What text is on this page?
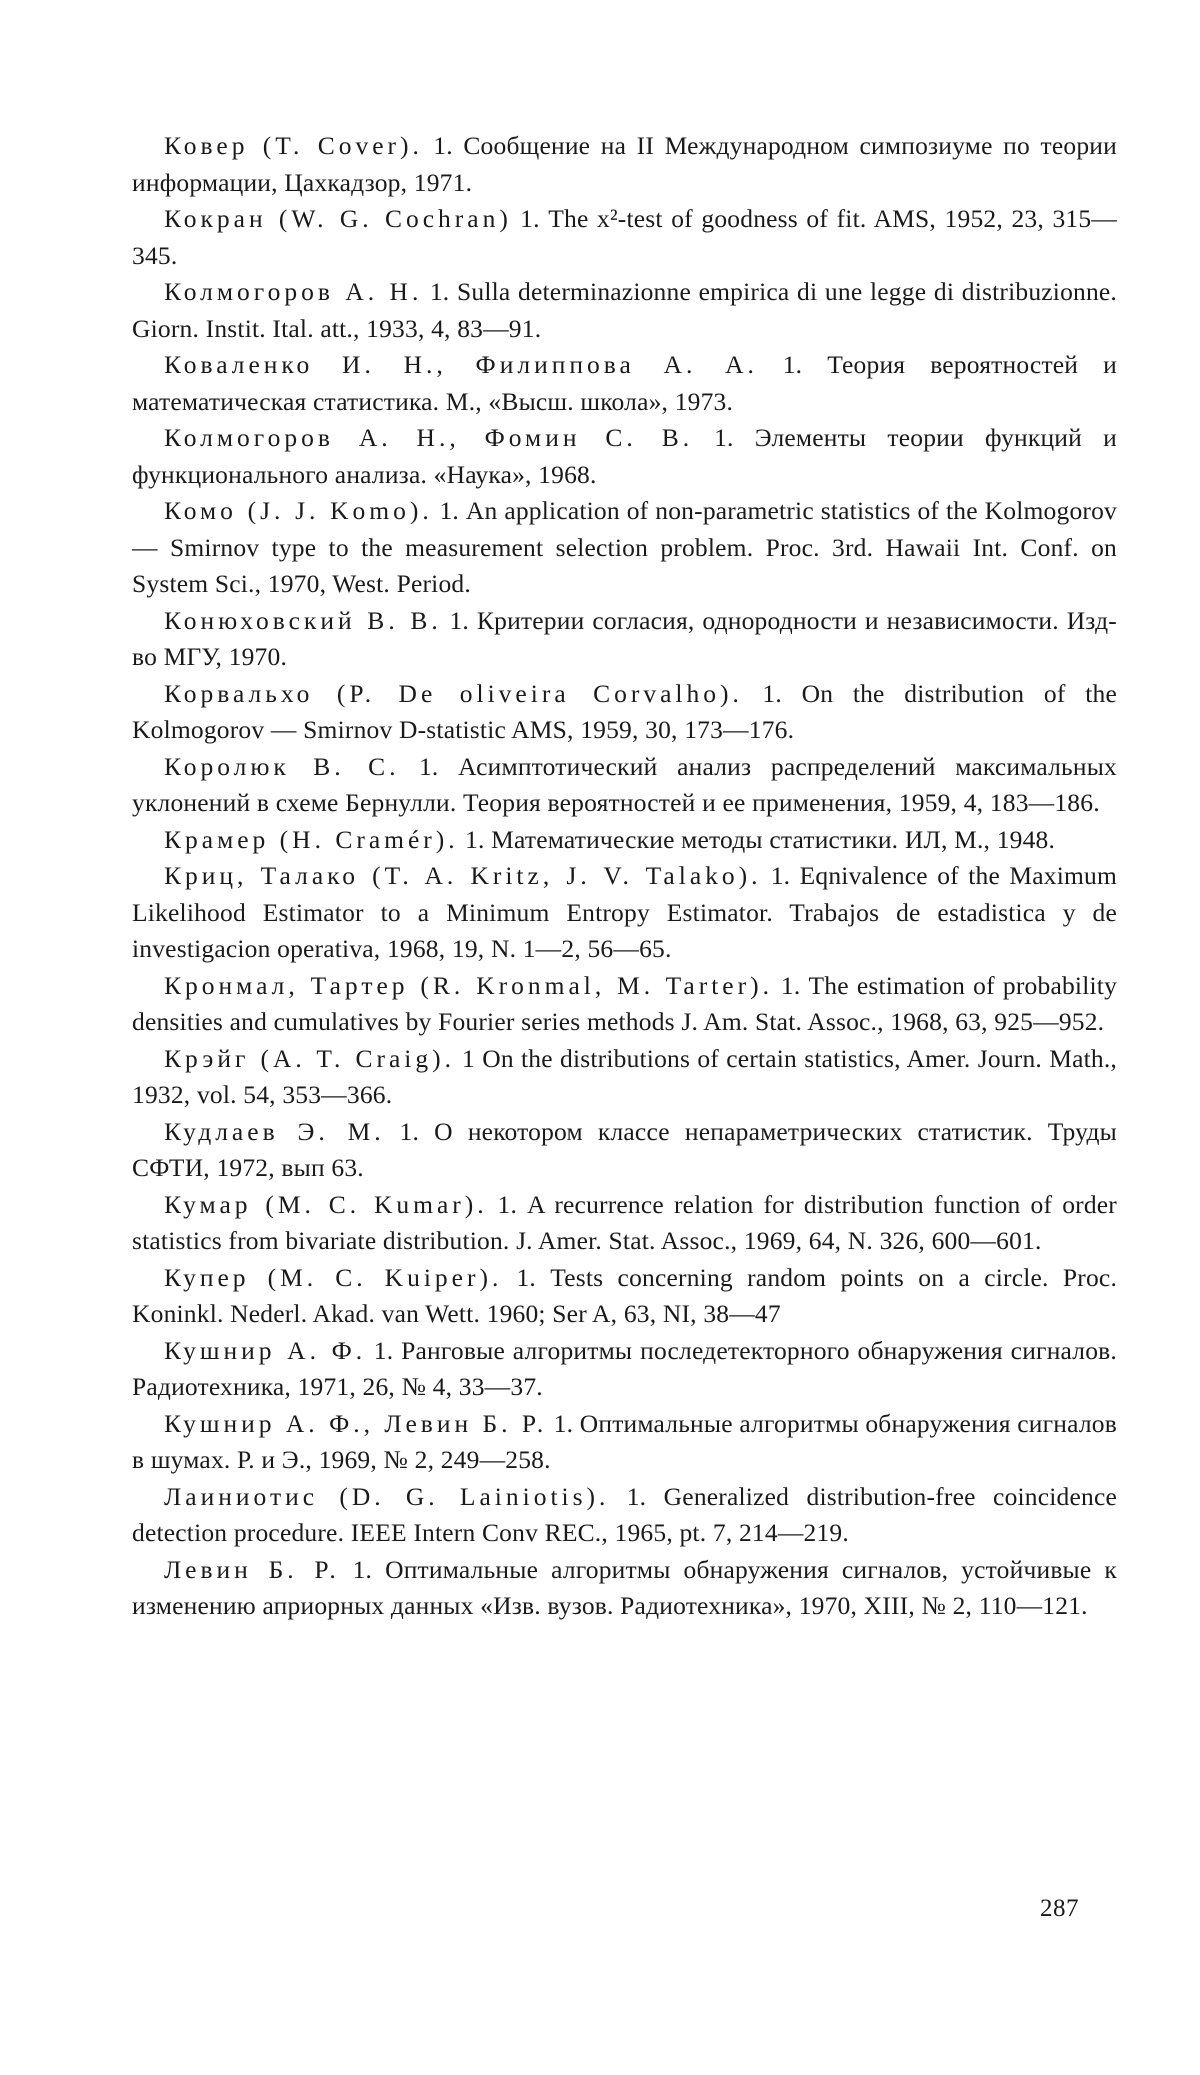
Ковер (T. Cover). 1. Сообщение на II Международном симпозиуме по теории информации, Цахкадзор, 1971.

Кокран (W. G. Cochran) 1. The x²-test of goodness of fit. AMS, 1952, 23, 315—345.

Колмогоров А. Н. 1. Sulla determinazionne empirica di une legge di distribuzionne. Giorn. Instit. Ital. att., 1933, 4, 83—91.

Коваленко И. Н., Филиппова А. А. 1. Теория вероятностей и математическая статистика. М., «Высш. школа», 1973.

Колмогоров А. Н., Фомин С. В. 1. Элементы теории функций и функционального анализа. «Наука», 1968.

Комо (J. J. Komo). 1. An application of non-parametric statistics of the Kolmogorov — Smirnov type to the measurement selection problem. Proc. 3rd. Hawaii Int. Conf. on System Sci., 1970, West. Period.

Конюховский В. В. 1. Критерии согласия, однородности и независимости. Изд-во МГУ, 1970.

Корвальхо (P. De oliveira Corvalho). 1. On the distribution of the Kolmogorov — Smirnov D-statistic AMS, 1959, 30, 173—176.

Королюк В. С. 1. Асимптотический анализ распределений максимальных уклонений в схеме Бернулли. Теория вероятностей и ее применения, 1959, 4, 183—186.

Крамер (H. Cramér). 1. Математические методы статистики. ИЛ, М., 1948.

Криц, Талако (T. A. Kritz, J. V. Talako). 1. Eqnivalence of the Maximum Likelihood Estimator to a Minimum Entropy Estimator. Trabajos de estadistica y de investigacion operativa, 1968, 19, N. 1—2, 56—65.

Кронмал, Тартер (R. Kronmal, M. Tarter). 1. The estimation of probability densities and cumulatives by Fourier series methods J. Am. Stat. Assoc., 1968, 63, 925—952.

Крэйг (A. T. Craig). 1 On the distributions of certain statistics, Amer. Journ. Math., 1932, vol. 54, 353—366.

Кудлаев Э. М. 1. О некотором классе непараметрических статистик. Труды СФТИ, 1972, вып 63.

Кумар (M. C. Kumar). 1. A recurrence relation for distribution function of order statistics from bivariate distribution. J. Amer. Stat. Assoc., 1969, 64, N. 326, 600—601.

Купер (M. C. Kuiper). 1. Tests concerning random points on a circle. Proc. Koninkl. Nederl. Akad. van Wett. 1960; Ser A, 63, NI, 38—47

Кушнир А. Ф. 1. Ранговые алгоритмы последетекторного обнаружения сигналов. Радиотехника, 1971, 26, № 4, 33—37.

Кушнир А. Ф., Левин Б. Р. 1. Оптимальные алгоритмы обнаружения сигналов в шумах. Р. и Э., 1969, № 2, 249—258.

Лаиниотис (D. G. Lainiotis). 1. Generalized distribution-free coincidence detection procedure. IEEE Intern Conv REC., 1965, pt. 7, 214—219.

Левин Б. Р. 1. Оптимальные алгоритмы обнаружения сигналов, устойчивые к изменению априорных данных «Изв. вузов. Радиотехника», 1970, XIII, № 2, 110—121.

287
